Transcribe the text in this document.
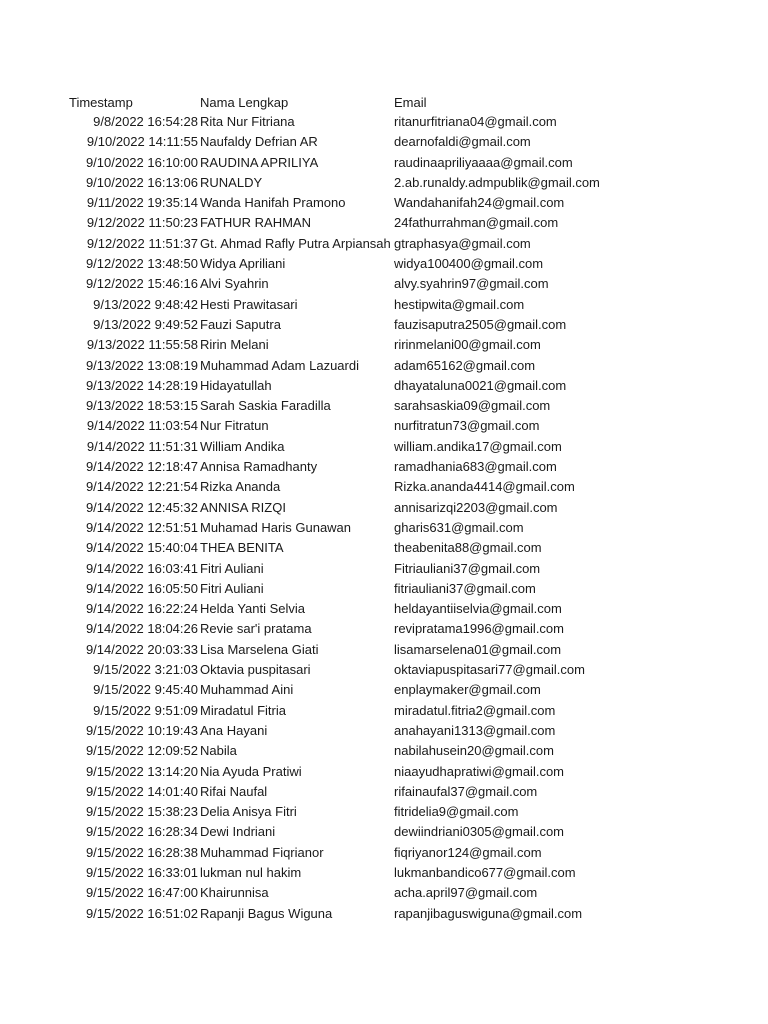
Timestamp	Nama Lengkap	Email
9/8/2022 16:54:28 Rita Nur Fitriana	ritanurfitriana04@gmail.com
9/10/2022 14:11:55 Naufaldy Defrian AR	dearnofaldi@gmail.com
9/10/2022 16:10:00 RAUDINA APRILIYA	raudinaapriliyaaaa@gmail.com
9/10/2022 16:13:06 RUNALDY	2.ab.runaldy.admpublik@gmail.com
9/11/2022 19:35:14 Wanda Hanifah Pramono	Wandahanifah24@gmail.com
9/12/2022 11:50:23 FATHUR RAHMAN	24fathurrahman@gmail.com
9/12/2022 11:51:37 Gt. Ahmad Rafly Putra Arpiansah gtraphasya@gmail.com
9/12/2022 13:48:50 Widya Apriliani	widya100400@gmail.com
9/12/2022 15:46:16 Alvi Syahrin	alvy.syahrin97@gmail.com
9/13/2022 9:48:42 Hesti Prawitasari	hestipwita@gmail.com
9/13/2022 9:49:52 Fauzi Saputra	fauzisaputra2505@gmail.com
9/13/2022 11:55:58 Ririn Melani	ririnmelani00@gmail.com
9/13/2022 13:08:19 Muhammad Adam Lazuardi	adam65162@gmail.com
9/13/2022 14:28:19 Hidayatullah	dhayataluna0021@gmail.com
9/13/2022 18:53:15 Sarah Saskia Faradilla	sarahsaskia09@gmail.com
9/14/2022 11:03:54 Nur Fitratun	nurfitratun73@gmail.com
9/14/2022 11:51:31 William Andika	william.andika17@gmail.com
9/14/2022 12:18:47 Annisa Ramadhanty	ramadhania683@gmail.com
9/14/2022 12:21:54 Rizka Ananda	Rizka.ananda4414@gmail.com
9/14/2022 12:45:32 ANNISA RIZQI	annisarizqi2203@gmail.com
9/14/2022 12:51:51 Muhamad Haris Gunawan	gharis631@gmail.com
9/14/2022 15:40:04 THEA BENITA	theabenita88@gmail.com
9/14/2022 16:03:41 Fitri Auliani	Fitriauliani37@gmail.com
9/14/2022 16:05:50 Fitri Auliani	fitriauliani37@gmail.com
9/14/2022 16:22:24 Helda Yanti Selvia	heldayantiiselvia@gmail.com
9/14/2022 18:04:26 Revie sar'i pratama	revipratama1996@gmail.com
9/14/2022 20:03:33 Lisa Marselena Giati	lisamarselena01@gmail.com
9/15/2022 3:21:03 Oktavia puspitasari	oktaviapuspitasari77@gmail.com
9/15/2022 9:45:40 Muhammad Aini	enplaymaker@gmail.com
9/15/2022 9:51:09 Miradatul Fitria	miradatul.fitria2@gmail.com
9/15/2022 10:19:43 Ana Hayani	anahayani1313@gmail.com
9/15/2022 12:09:52 Nabila	nabilahusein20@gmail.com
9/15/2022 13:14:20 Nia Ayuda Pratiwi	niaayudhapratiwi@gmail.com
9/15/2022 14:01:40 Rifai Naufal	rifainaufal37@gmail.com
9/15/2022 15:38:23 Delia Anisya Fitri	fitridelia9@gmail.com
9/15/2022 16:28:34 Dewi Indriani	dewiindriani0305@gmail.com
9/15/2022 16:28:38 Muhammad Fiqrianor	fiqriyanor124@gmail.com
9/15/2022 16:33:01 lukman nul hakim	lukmanbandico677@gmail.com
9/15/2022 16:47:00 Khairunnisa	acha.april97@gmail.com
9/15/2022 16:51:02 Rapanji Bagus Wiguna	rapanjibaguswiguna@gmail.com
